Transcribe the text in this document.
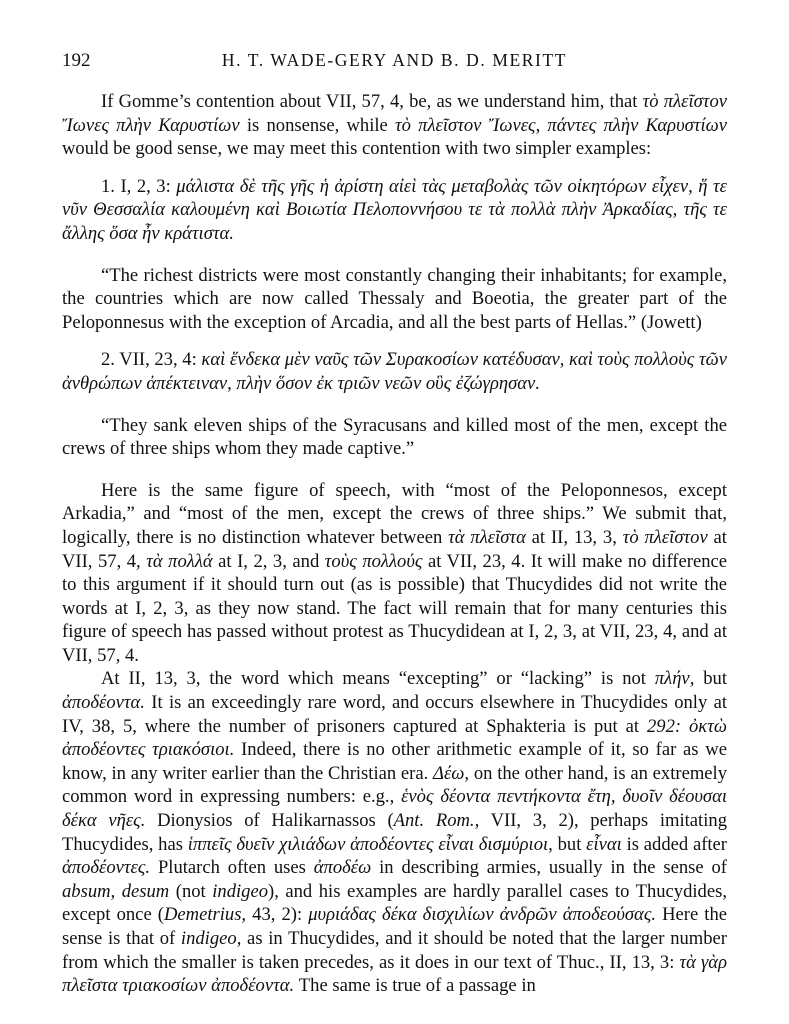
192	H. T. WADE-GERY AND B. D. MERITT

If Gomme’s contention about VII, 57, 4, be, as we understand him, that τὸ πλεῖστον Ἴωνες πλὴν Καρυστίων is nonsense, while τὸ πλεῖστον Ἴωνες, πάντες πλὴν Καρυστίων would be good sense, we may meet this contention with two simpler examples:

1. I, 2, 3: μάλιστα δὲ τῆς γῆς ἡ ἀρίστη αἰεὶ τὰς μεταβολὰς τῶν οἰκητόρων εἶχεν, ἥ τε νῦν Θεσσαλία καλουμένη καὶ Βοιωτία Πελοποννήσου τε τὰ πολλὰ πλὴν Ἀρκαδίας, τῆς τε ἄλλης ὅσα ἦν κράτιστα.

“The richest districts were most constantly changing their inhabitants; for example, the countries which are now called Thessaly and Boeotia, the greater part of the Peloponnesus with the exception of Arcadia, and all the best parts of Hellas.” (Jowett)

2. VII, 23, 4: καὶ ἕνδεκα μὲν ναῦς τῶν Συρακοσίων κατέδυσαν, καὶ τοὺς πολλοὺς τῶν ἀνθρώπων ἀπέκτειναν, πλὴν ὅσον ἐκ τριῶν νεῶν οὓς ἐζώγρησαν.

“They sank eleven ships of the Syracusans and killed most of the men, except the crews of three ships whom they made captive.”

Here is the same figure of speech, with “most of the Peloponnesos, except Arkadia,” and “most of the men, except the crews of three ships.” We submit that, logically, there is no distinction whatever between τὰ πλεῖστα at II, 13, 3, τὸ πλεῖστον at VII, 57, 4, τὰ πολλά at I, 2, 3, and τοὺς πολλούς at VII, 23, 4. It will make no difference to this argument if it should turn out (as is possible) that Thucydides did not write the words at I, 2, 3, as they now stand. The fact will remain that for many centuries this figure of speech has passed without protest as Thucydidean at I, 2, 3, at VII, 23, 4, and at VII, 57, 4.

At II, 13, 3, the word which means “excepting” or “lacking” is not πλήν, but ἀποδέοντα. It is an exceedingly rare word, and occurs elsewhere in Thucydides only at IV, 38, 5, where the number of prisoners captured at Sphakteria is put at 292: ὀκτὼ ἀποδέοντες τριακόσιοι. Indeed, there is no other arithmetic example of it, so far as we know, in any writer earlier than the Christian era. Δέω, on the other hand, is an extremely common word in expressing numbers: e.g., ἑνὸς δέοντα πεντήκοντα ἔτη, δυοῖν δέουσαι δέκα νῆες. Dionysios of Halikarnassos (Ant. Rom., VII, 3, 2), perhaps imitating Thucydides, has ἱππεῖς δυεῖν χιλιάδων ἀποδέοντες εἶναι δισμύριοι, but εἶναι is added after ἀποδέοντες. Plutarch often uses ἀποδέω in describing armies, usually in the sense of absum, desum (not indigeo), and his examples are hardly parallel cases to Thucydides, except once (Demetrius, 43, 2): μυριάδας δέκα δισχιλίων ἀνδρῶν ἀποδεούσας. Here the sense is that of indigeo, as in Thucydides, and it should be noted that the larger number from which the smaller is taken precedes, as it does in our text of Thuc., II, 13, 3: τὰ γὰρ πλεῖστα τριακοσίων ἀποδέοντα. The same is true of a passage in
